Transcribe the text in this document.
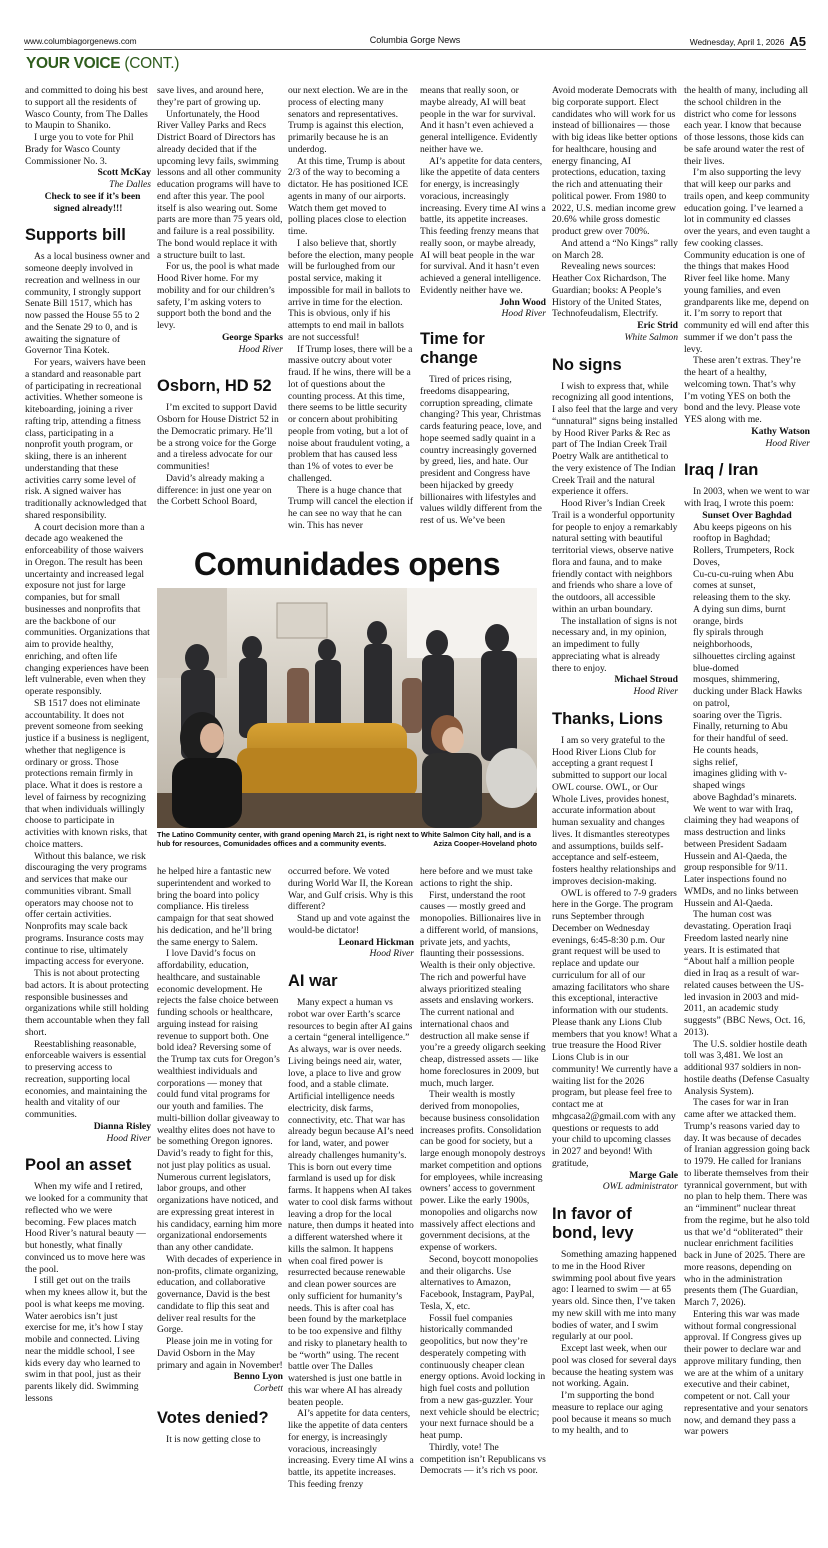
www.columbiagorgenews.com	Columbia Gorge News	Wednesday, April 1, 2026 A5
YOUR VOICE (CONT.)

and committed to doing his best to support all the residents of Wasco County, from The Dalles to Maupin to Shaniko.

I urge you to vote for Phil Brady for Wasco County Commissioner No. 3.

Scott McKay

The Dalles

Check to see if it’s been signed already!!!

Supports bill

As a local business owner and someone deeply involved in recreation and wellness in our community, I strongly support Senate Bill 1517, which has now passed the House 55 to 2 and the Senate 29 to 0, and is awaiting the signature of Governor Tina Kotek.

For years, waivers have been a standard and reasonable part of participating in recreational activities. Whether someone is kiteboarding, joining a river rafting trip, attending a fitness class, participating in a nonprofit youth program, or skiing, there is an inherent understanding that these activities carry some level of risk. A signed waiver has traditionally acknowledged that shared responsibility.

A court decision more than a decade ago weakened the enforceability of those waivers in Oregon. The result has been uncertainty and increased legal exposure not just for large companies, but for small businesses and nonprofits that are the backbone of our communities. Organizations that aim to provide healthy, enriching, and often life changing experiences have been left vulnerable, even when they operate responsibly.

SB 1517 does not eliminate accountability. It does not prevent someone from seeking justice if a business is negligent, whether that negligence is ordinary or gross. Those protections remain firmly in place. What it does is restore a level of fairness by recognizing that when individuals willingly choose to participate in activities with known risks, that choice matters.

Without this balance, we risk discouraging the very programs and services that make our communities vibrant. Small operators may choose not to offer certain activities. Nonprofits may scale back programs. Insurance costs may continue to rise, ultimately impacting access for everyone.

This is not about protecting bad actors. It is about protecting responsible businesses and organizations while still holding them accountable when they fall short.

Reestablishing reasonable, enforceable waivers is essential to preserving access to recreation, supporting local economies, and maintaining the health and vitality of our communities.

Dianna Risley

Hood River

Pool an asset

When my wife and I retired, we looked for a community that reflected who we were becoming. Few places match Hood River’s natural beauty — but honestly, what finally convinced us to move here was the pool.

I still get out on the trails when my knees allow it, but the pool is what keeps me moving. Water aerobics isn’t just exercise for me, it’s how I stay mobile and connected. Living near the middle school, I see kids every day who learned to swim in that pool, just as their parents likely did. Swimming lessons

save lives, and around here, they’re part of growing up.

Unfortunately, the Hood River Valley Parks and Recs District Board of Directors has already decided that if the upcoming levy fails, swimming lessons and all other community education programs will have to end after this year. The pool itself is also wearing out. Some parts are more than 75 years old, and failure is a real possibility. The bond would replace it with a structure built to last.

For us, the pool is what made Hood River home. For my mobility and for our children’s safety, I’m asking voters to support both the bond and the levy.

George Sparks

Hood River

Osborn, HD 52

I’m excited to support David Osborn for House District 52 in the Democratic primary. He’ll be a strong voice for the Gorge and a tireless advocate for our communities!

David’s already making a difference: in just one year on the Corbett School Board,

our next election. We are in the process of electing many senators and representatives. Trump is against this election, primarily because he is an underdog.

At this time, Trump is about 2/3 of the way to becoming a dictator. He has positioned ICE agents in many of our airports. Watch them get moved to polling places close to election time.

I also believe that, shortly before the election, many people will be furloughed from our postal service, making it impossible for mail in ballots to arrive in time for the election. This is obvious, only if his attempts to end mail in ballots are not successful!

If Trump loses, there will be a massive outcry about voter fraud. If he wins, there will be a lot of questions about the counting process. At this time, there seems to be little security or concern about prohibiting people from voting, but a lot of noise about fraudulent voting, a problem that has caused less than 1% of votes to ever be challenged.

There is a huge chance that Trump will cancel the election if he can see no way that he can win. This has never

means that really soon, or maybe already, AI will beat people in the war for survival. And it hasn’t even achieved a general intelligence. Evidently neither have we.

AI’s appetite for data centers, like the appetite of data centers for energy, is increasingly voracious, increasingly increasing. Every time AI wins a battle, its appetite increases. This feeding frenzy means that really soon, or maybe already, AI will beat people in the war for survival. And it hasn’t even achieved a general intelligence. Evidently neither have we.

John Wood

Hood River

Time for change

Tired of prices rising, freedoms disappearing, corruption spreading, climate changing? This year, Christmas cards featuring peace, love, and hope seemed sadly quaint in a country increasingly governed by greed, lies, and hate. Our president and Congress have been hijacked by greedy billionaires with lifestyles and values wildly different from the rest of us. We’ve been

Comunidades opens
The Latino Community center, with grand opening March 21, is right next to White Salmon City hall, and is a hub for resources, Comunidades offices and a community events.	Aziza Cooper-Hoveland photo

he helped hire a fantastic new superintendent and worked to bring the board into policy compliance. His tireless campaign for that seat showed his dedication, and he’ll bring the same energy to Salem.

I love David’s focus on affordability, education, healthcare, and sustainable economic development. He rejects the false choice between funding schools or healthcare, arguing instead for raising revenue to support both. One bold idea? Reversing some of the Trump tax cuts for Oregon’s wealthiest individuals and corporations — money that could fund vital programs for our youth and families. The multi-billion dollar giveaway to wealthy elites does not have to be something Oregon ignores. David’s ready to fight for this, not just play politics as usual. Numerous current legislators, labor groups, and other organizations have noticed, and are expressing great interest in his candidacy, earning him more organizational endorsements than any other candidate.

With decades of experience in non-profits, climate organizing, education, and collaborative governance, David is the best candidate to flip this seat and deliver real results for the Gorge.

Please join me in voting for David Osborn in the May primary and again in November!

Benno Lyon

Corbett

Votes denied?

It is now getting close to

occurred before. We voted during World War II, the Korean War, and Gulf crisis. Why is this different?

Stand up and vote against the would-be dictator!

Leonard Hickman

Hood River

AI war

Many expect a human vs robot war over Earth’s scarce resources to begin after AI gains a certain “general intelligence.” As always, war is over needs. Living beings need air, water, love, a place to live and grow food, and a stable climate. Artificial intelligence needs electricity, disk farms, connectivity, etc. That war has already begun because AI’s need for land, water, and power already challenges humanity’s. This is born out every time farmland is used up for disk farms. It happens when AI takes water to cool disk farms without leaving a drop for the local nature, then dumps it heated into a different watershed where it kills the salmon. It happens when coal fired power is resurrected because renewable and clean power sources are only sufficient for humanity’s needs. This is after coal has been found by the marketplace to be too expensive and filthy and risky to planetary health to be “worth” using. The recent battle over The Dalles watershed is just one battle in this war where AI has already beaten people.

AI’s appetite for data centers, like the appetite of data centers for energy, is increasingly voracious, increasingly increasing. Every time AI wins a battle, its appetite increases. This feeding frenzy

here before and we must take actions to right the ship.

First, understand the root causes — mostly greed and monopolies. Billionaires live in a different world, of mansions, private jets, and yachts, flaunting their possessions. Wealth is their only objective. The rich and powerful have always prioritized stealing assets and enslaving workers. The current national and international chaos and destruction all make sense if you’re a greedy oligarch seeking cheap, distressed assets — like home foreclosures in 2009, but much, much larger.

Their wealth is mostly derived from monopolies, because business consolidation increases profits. Consolidation can be good for society, but a large enough monopoly destroys market competition and options for employees, while increasing owners’ access to government power. Like the early 1900s, monopolies and oligarchs now massively affect elections and government decisions, at the expense of workers.

Second, boycott monopolies and their oligarchs. Use alternatives to Amazon, Facebook, Instagram, PayPal, Tesla, X, etc.

Fossil fuel companies historically commanded geopolitics, but now they’re desperately competing with continuously cheaper clean energy options. Avoid locking in high fuel costs and pollution from a new gas-guzzler. Your next vehicle should be electric; your next furnace should be a heat pump.

Thirdly, vote! The competition isn’t Republicans vs Democrats — it’s rich vs poor.

Avoid moderate Democrats with big corporate support. Elect candidates who will work for us instead of billionaires — those with big ideas like better options for healthcare, housing and energy financing, AI protections, education, taxing the rich and attenuating their political power. From 1980 to 2022, U.S. median income grew 20.6% while gross domestic product grew over 700%.

And attend a “No Kings” rally on March 28.

Revealing news sources: Heather Cox Richardson, The Guardian; books: A People’s History of the United States, Technofeudalism, Electrify.

Eric Strid

White Salmon

No signs

I wish to express that, while recognizing all good intentions, I also feel that the large and very “unnatural” signs being installed by Hood River Parks & Rec as part of The Indian Creek Trail Poetry Walk are antithetical to the very existence of The Indian Creek Trail and the natural experience it offers.

Hood River’s Indian Creek Trail is a wonderful opportunity for people to enjoy a remarkably natural setting with beautiful territorial views, observe native flora and fauna, and to make friendly contact with neighbors and friends who share a love of the outdoors, all accessible within an urban boundary.

The installation of signs is not necessary and, in my opinion, an impediment to fully appreciating what is already there to enjoy.

Michael Stroud

Hood River

Thanks, Lions

I am so very grateful to the Hood River Lions Club for accepting a grant request I submitted to support our local OWL course. OWL, or Our Whole Lives, provides honest, accurate information about human sexuality and changes lives. It dismantles stereotypes and assumptions, builds self-acceptance and self-esteem, fosters healthy relationships and improves decision-making.

OWL is offered to 7-9 graders here in the Gorge. The program runs September through December on Wednesday evenings, 6:45-8:30 p.m. Our grant request will be used to replace and update our curriculum for all of our amazing facilitators who share this exceptional, interactive information with our students. Please thank any Lions Club members that you know! What a true treasure the Hood River Lions Club is in our community! We currently have a waiting list for the 2026 program, but please feel free to contact me at mhgcasa2@gmail.com with any questions or requests to add your child to upcoming classes in 2027 and beyond! With gratitude,

Marge Gale

OWL administrator

In favor of bond, levy

Something amazing happened to me in the Hood River swimming pool about five years ago: I learned to swim — at 65 years old. Since then, I’ve taken my new skill with me into many bodies of water, and I swim regularly at our pool.

Except last week, when our pool was closed for several days because the heating system was not working. Again.

I’m supporting the bond measure to replace our aging pool because it means so much to my health, and to

the health of many, including all the school children in the district who come for lessons each year. I know that because of those lessons, those kids can be safe around water the rest of their lives.

I’m also supporting the levy that will keep our parks and trails open, and keep community education going. I’ve learned a lot in community ed classes over the years, and even taught a few cooking classes. Community education is one of the things that makes Hood River feel like home. Many young families, and even grandparents like me, depend on it. I’m sorry to report that community ed will end after this summer if we don’t pass the levy.

These aren’t extras. They’re the heart of a healthy, welcoming town. That’s why I’m voting YES on both the bond and the levy. Please vote YES along with me.

Kathy Watson

Hood River

Iraq / Iran

In 2003, when we went to war with Iraq, I wrote this poem:

Sunset Over Baghdad

Abu keeps pigeons on his rooftop in Baghdad;

Rollers, Trumpeters, Rock Doves,

Cu-cu-cu-ruing when Abu comes at sunset,

releasing them to the sky.

A dying sun dims, burnt orange, birds

fly spirals through neighborhoods,

silhouettes circling against blue-domed

mosques, shimmering, ducking under Black Hawks on patrol,

soaring over the Tigris.

Finally, returning to Abu

for their handful of seed.

He counts heads,

sighs relief,

imagines gliding with v-shaped wings

above Baghdad’s minarets.

We went to war with Iraq, claiming they had weapons of mass destruction and links between President Sadaam Hussein and Al-Qaeda, the group responsible for 9/11. Later inspections found no WMDs, and no links between Hussein and Al-Qaeda.

The human cost was devastating. Operation Iraqi Freedom lasted nearly nine years. It is estimated that “About half a million people died in Iraq as a result of war-related causes between the US-led invasion in 2003 and mid-2011, an academic study suggests” (BBC News, Oct. 16, 2013).

The U.S. soldier hostile death toll was 3,481. We lost an additional 937 soldiers in non-hostile deaths (Defense Casualty Analysis System).

The cases for war in Iran came after we attacked them. Trump’s reasons varied day to day. It was because of decades of Iranian aggression going back to 1979. He called for Iranians to liberate themselves from their tyrannical government, but with no plan to help them. There was an “imminent” nuclear threat from the regime, but he also told us that we’d “obliterated” their nuclear enrichment facilities back in June of 2025. There are more reasons, depending on who in the administration presents them (The Guardian, March 7, 2026).

Entering this war was made without formal congressional approval. If Congress gives up their power to declare war and approve military funding, then we are at the whim of a unitary executive and their cabinet, competent or not. Call your representative and your senators now, and demand they pass a war powers
